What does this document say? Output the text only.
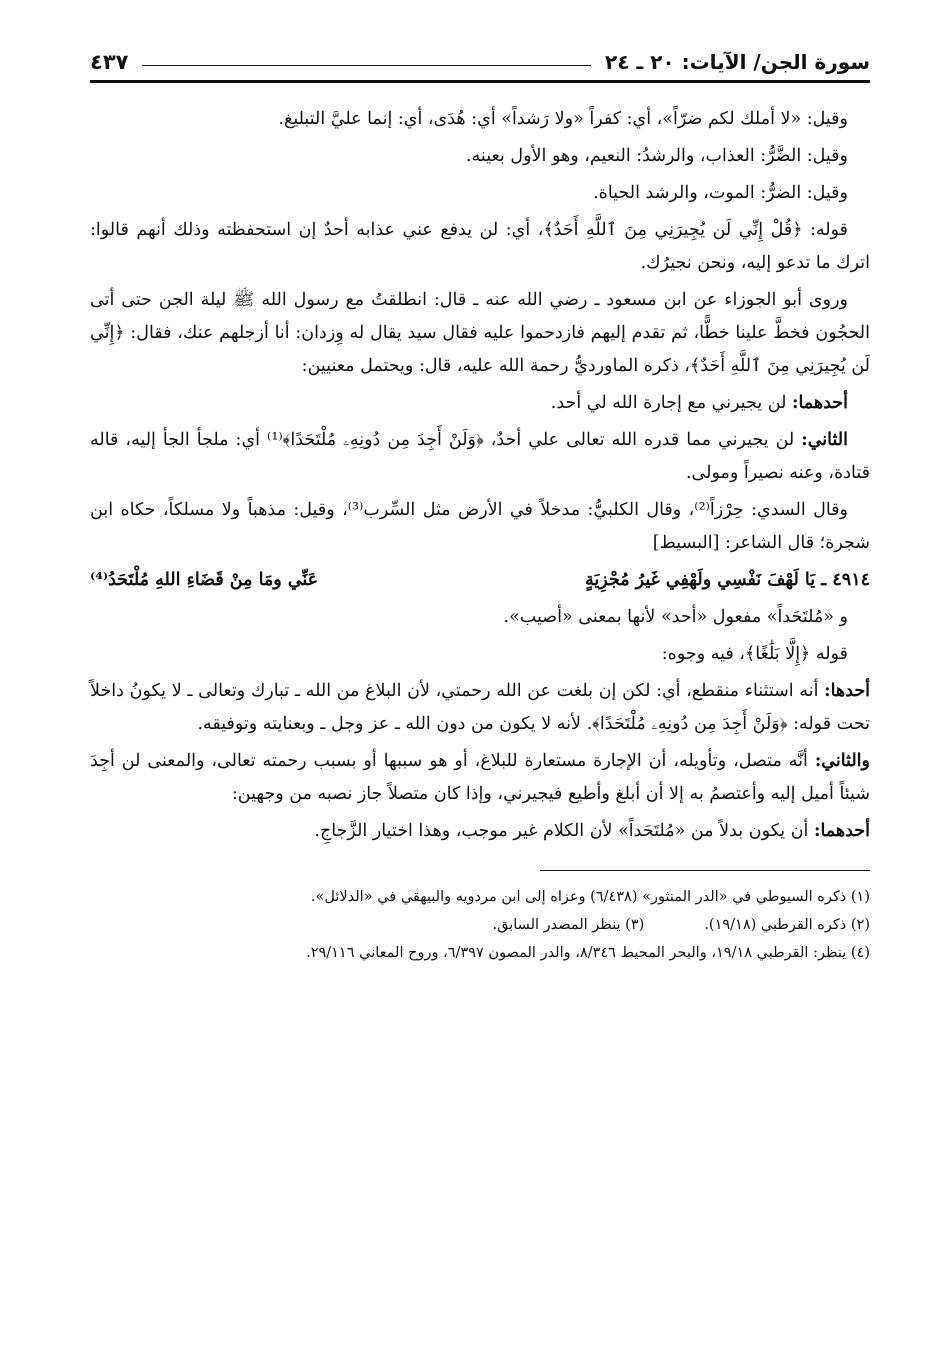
سورة الجن/ الآيات: ٢٠ ـ ٢٤
٤٣٧

وقيل: «لا أملك لكم ضرّاً»، أي: كفراً «ولا رَشداً» أي: هُدَى، أي: إنما عليَّ التبليغ.

وقيل: الضَّرُّ: العذاب، والرشدُ: النعيم، وهو الأول بعينه.

وقيل: الضرُّ: الموت، والرشد الحياة.

قوله: ﴿قُلْ إِنِّي لَن يُجِيرَنِي مِنَ ٱللَّهِ أَحَدٌ﴾، أي: لن يدفع عني عذابه أحدٌ إن استحفظته وذلك أنهم قالوا: اترك ما تدعو إليه، ونحن نجيرُك.

وروى أبو الجوزاء عن ابن مسعود ـ رضي الله عنه ـ قال: انطلقتُ مع رسول الله ﷺ ليلة الجن حتى أتى الحجُون فخطَّ علينا خطًّا، ثم تقدم إليهم فازدحموا عليه فقال سيد يقال له وِزدان: أنا أزجلهم عنك، فقال: ﴿إِنِّي لَن يُجِيرَنِي مِنَ ٱللَّهِ أَحَدٌ﴾، ذكره الماورديُّ رحمة الله عليه، قال: ويحتمل معنيين:

أحدهما: لن يجيرني مع إجارة الله لي أحد.

الثاني: لن يجيرني مما قدره الله تعالى علي أحدٌ، ﴿وَلَنْ أَجِدَ مِن دُونِهِۦ مُلْتَحَدًا﴾⁽¹⁾ أي: ملجأ الجأ إليه، قاله قتادة، وعنه نصيراً ومولى.

وقال السدي: حِرْزاً⁽²⁾، وقال الكلبيُّ: مدخلاً في الأرض مثل السِّرب⁽³⁾، وقيل: مذهباً ولا مسلكاً، حكاه ابن شجرة؛ قال الشاعر: [البسيط]

٤٩١٤ ـ يَا لَهْفَ نَفْسِي ولَهْفِي غَيرُ مُجْزِيَةٍ
عَنِّي ومَا مِنْ قَضَاءِ اللهِ مُلْتَحَدُ⁽⁴⁾

و «مُلتَحَداً» مفعول «أحد» لأنها بمعنى «أصيب».

قوله ﴿إِلَّا بَلَٰغًا﴾، فيه وجوه:

أحدها: أنه استثناء منقطع، أي: لكن إن بلغت عن الله رحمتي، لأن البلاغ من الله ـ تبارك وتعالى ـ لا يكونُ داخلاً تحت قوله: ﴿وَلَنْ أَجِدَ مِن دُونِهِۦ مُلْتَحَدًا﴾. لأنه لا يكون من دون الله ـ عز وجل ـ وبعنايته وتوفيقه.

والثاني: أنَّه متصل، وتأويله، أن الإجارة مستعارة للبلاغ، أو هو سببها أو بسبب رحمته تعالى، والمعنى لن أجِدَ شيئاً أميل إليه وأعتصمُ به إلا أن أبلغ وأطيع فيجيرني، وإذا كان متصلاً جاز نصبه من وجهين:

أحدهما: أن يكون بدلاً من «مُلتَحَداً» لأن الكلام غير موجب، وهذا اختيار الزَّجاجِ.

(١) ذكره السيوطي في «الدر المنثور» (٦/٤٣٨) وعزاه إلى ابن مردويه والبيهقي في «الدلائل».
(٢) ذكره القرطبي (١٩/١٨).(٣) ينظر المصدر السابق.
(٤) ينظر: القرطبي ١٩/١٨، والبحر المحيط ٨/٣٤٦، والدر المصون ٦/٣٩٧، وروح المعاني ٢٩/١١٦.
